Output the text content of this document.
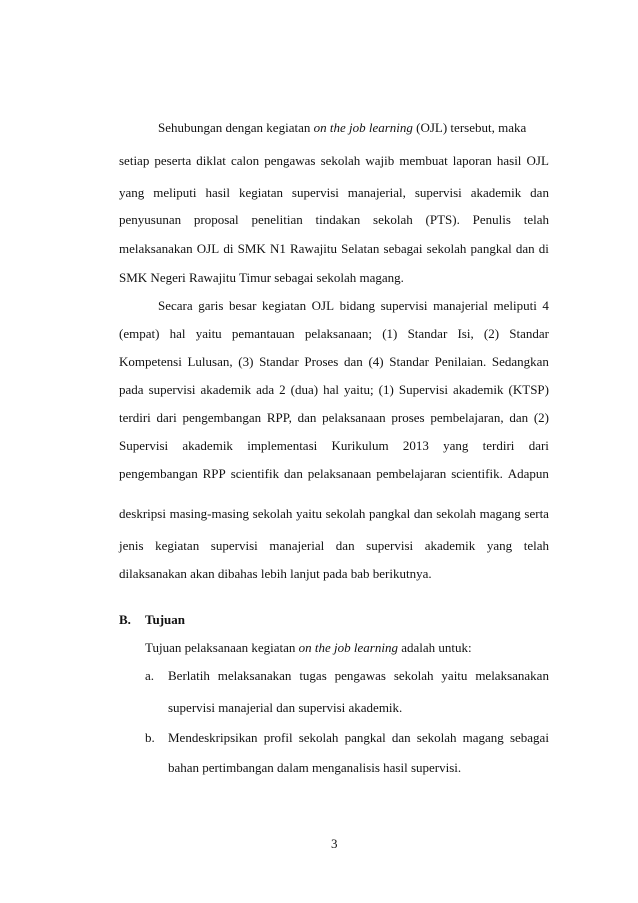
Sehubungan dengan kegiatan on the job learning (OJL) tersebut, maka
setiap peserta diklat calon pengawas sekolah wajib membuat laporan hasil OJL
yang meliputi hasil kegiatan supervisi manajerial, supervisi akademik dan
penyusunan proposal penelitian tindakan sekolah (PTS). Penulis telah
melaksanakan OJL di SMK N1 Rawajitu Selatan sebagai sekolah pangkal dan di
SMK Negeri Rawajitu Timur sebagai sekolah magang.
Secara garis besar kegiatan OJL bidang supervisi manajerial meliputi 4
(empat) hal yaitu pemantauan pelaksanaan; (1) Standar Isi, (2) Standar
Kompetensi Lulusan, (3) Standar Proses dan (4) Standar Penilaian. Sedangkan
pada supervisi akademik ada 2 (dua) hal yaitu; (1) Supervisi akademik (KTSP)
terdiri dari pengembangan RPP, dan pelaksanaan proses pembelajaran, dan (2)
Supervisi akademik implementasi Kurikulum 2013 yang terdiri dari
pengembangan RPP scientifik dan pelaksanaan pembelajaran scientifik. Adapun
deskripsi masing-masing sekolah yaitu sekolah pangkal dan sekolah magang serta
jenis kegiatan supervisi manajerial dan supervisi akademik yang telah
dilaksanakan akan dibahas lebih lanjut pada bab berikutnya.
B. Tujuan
Tujuan pelaksanaan kegiatan on the job learning adalah untuk:
a. Berlatih melaksanakan tugas pengawas sekolah yaitu melaksanakan
supervisi manajerial dan supervisi akademik.
b. Mendeskripsikan profil sekolah pangkal dan sekolah magang sebagai
bahan pertimbangan dalam menganalisis hasil supervisi.
3
